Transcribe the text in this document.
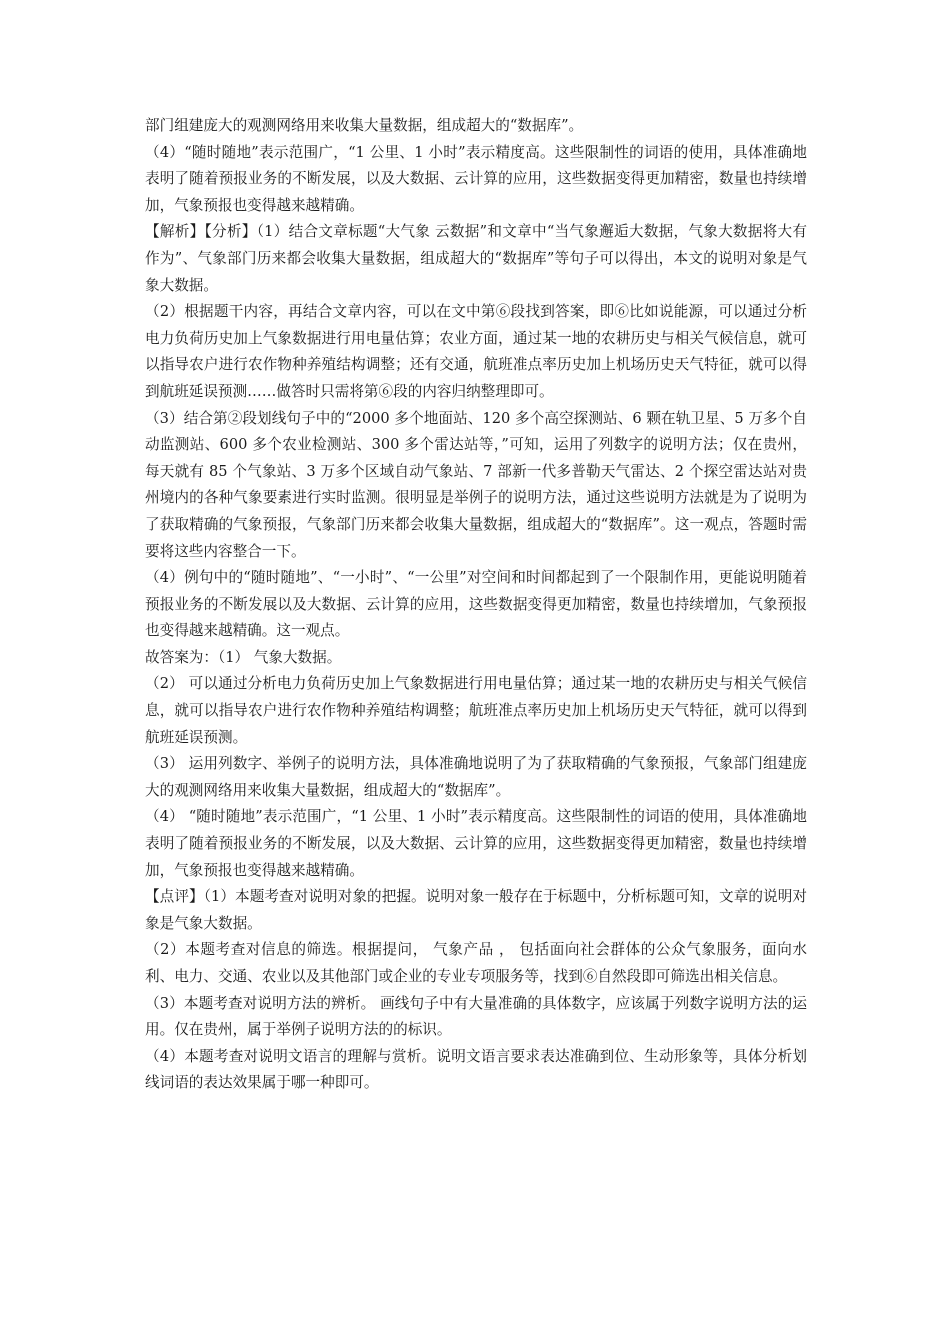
部门组建庞大的观测网络用来收集大量数据，组成超大的“数据库”。

（4）“随时随地”表示范围广，“1 公里、1 小时”表示精度高。这些限制性的词语的使用，具体准确地表明了随着预报业务的不断发展，以及大数据、云计算的应用，这些数据变得更加精密，数量也持续增加，气象预报也变得越来越精确。

【解析】【分析】（1）结合文章标题“大气象 云数据”和文章中“当气象邂逅大数据，气象大数据将大有作为”、气象部门历来都会收集大量数据，组成超大的“数据库”等句子可以得出，本文的说明对象是气象大数据。

（2）根据题干内容，再结合文章内容，可以在文中第⑥段找到答案，即⑥比如说能源，可以通过分析电力负荷历史加上气象数据进行用电量估算；农业方面，通过某一地的农耕历史与相关气候信息，就可以指导农户进行农作物种养殖结构调整；还有交通，航班准点率历史加上机场历史天气特征，就可以得到航班延误预测……做答时只需将第⑥段的内容归纳整理即可。

（3）结合第②段划线句子中的“2000 多个地面站、120 多个高空探测站、6 颗在轨卫星、5 万多个自动监测站、600 多个农业检测站、300 多个雷达站等，”可知，运用了列数字的说明方法；仅在贵州，每天就有 85 个气象站、3 万多个区域自动气象站、7 部新一代多普勒天气雷达、2 个探空雷达站对贵州境内的各种气象要素进行实时监测。很明显是举例子的说明方法，通过这些说明方法就是为了说明为了获取精确的气象预报，气象部门历来都会收集大量数据，组成超大的“数据库”。这一观点，答题时需要将这些内容整合一下。

（4）例句中的“随时随地”、“一小时”、“一公里”对空间和时间都起到了一个限制作用，更能说明随着预报业务的不断发展以及大数据、云计算的应用，这些数据变得更加精密，数量也持续增加，气象预报也变得越来越精确。这一观点。

故答案为：（1） 气象大数据。

（2） 可以通过分析电力负荷历史加上气象数据进行用电量估算；通过某一地的农耕历史与相关气候信息，就可以指导农户进行农作物种养殖结构调整；航班准点率历史加上机场历史天气特征，就可以得到航班延误预测。

（3） 运用列数字、举例子的说明方法，具体准确地说明了为了获取精确的气象预报，气象部门组建庞大的观测网络用来收集大量数据，组成超大的“数据库”。

（4） “随时随地”表示范围广，“1 公里、1 小时”表示精度高。这些限制性的词语的使用，具体准确地表明了随着预报业务的不断发展，以及大数据、云计算的应用，这些数据变得更加精密，数量也持续增加，气象预报也变得越来越精确。

【点评】（1）本题考查对说明对象的把握。说明对象一般存在于标题中，分析标题可知，文章的说明对象是气象大数据。

（2）本题考查对信息的筛选。根据提问， 气象产品 ， 包括面向社会群体的公众气象服务，面向水利、电力、交通、农业以及其他部门或企业的专业专项服务等，找到⑥自然段即可筛选出相关信息。

（3）本题考查对说明方法的辨析。 画线句子中有大量准确的具体数字，应该属于列数字说明方法的运用。仅在贵州，属于举例子说明方法的的标识。

（4）本题考查对说明文语言的理解与赏析。说明文语言要求表达准确到位、生动形象等，具体分析划线词语的表达效果属于哪一种即可。
